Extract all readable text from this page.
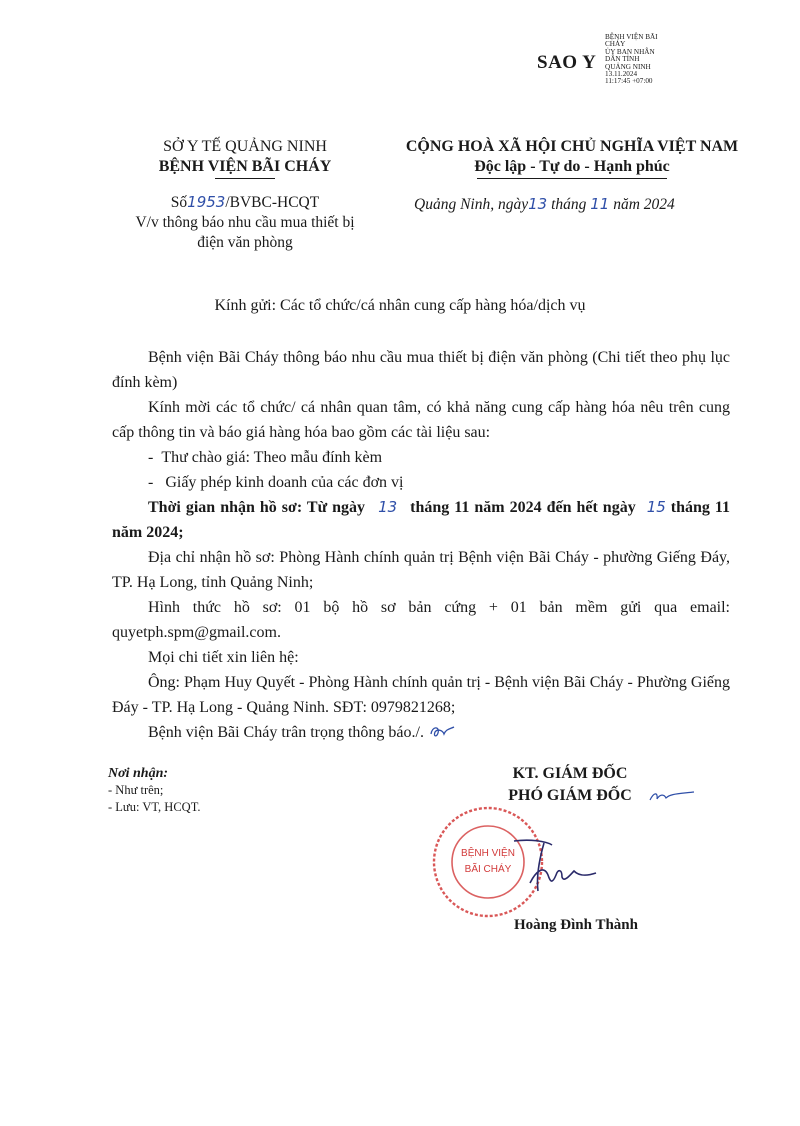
SAO Y
BỆNH VIỆN BÃI
CHÁY
ỦY BAN NHÂN
DÂN TỈNH
QUẢNG NINH
13.11.2024
11:17:45 +07:00
SỞ Y TẾ QUẢNG NINH
BỆNH VIỆN BÃI CHÁY
CỘNG HOÀ XÃ HỘI CHỦ NGHĨA VIỆT NAM
Độc lập - Tự do - Hạnh phúc
Số1953/BVBC-HCQT
V/v thông báo nhu cầu mua thiết bị
điện văn phòng
Quảng Ninh, ngày13 tháng 11 năm 2024
Kính gửi: Các tổ chức/cá nhân cung cấp hàng hóa/dịch vụ
Bệnh viện Bãi Cháy thông báo nhu cầu mua thiết bị điện văn phòng (Chi tiết theo phụ lục đính kèm)
Kính mời các tổ chức/ cá nhân quan tâm, có khả năng cung cấp hàng hóa nêu trên cung cấp thông tin và báo giá hàng hóa bao gồm các tài liệu sau:
- Thư chào giá: Theo mẫu đính kèm
- Giấy phép kinh doanh của các đơn vị
Thời gian nhận hồ sơ: Từ ngày 13 tháng 11 năm 2024 đến hết ngày 15 tháng 11 năm 2024;
Địa chỉ nhận hồ sơ: Phòng Hành chính quản trị Bệnh viện Bãi Cháy - phường Giếng Đáy, TP. Hạ Long, tỉnh Quảng Ninh;
Hình thức hồ sơ: 01 bộ hồ sơ bản cứng + 01 bản mềm gửi qua email: quyetph.spm@gmail.com.
Mọi chi tiết xin liên hệ:
Ông: Phạm Huy Quyết - Phòng Hành chính quản trị - Bệnh viện Bãi Cháy - Phường Giếng Đáy - TP. Hạ Long - Quảng Ninh. SĐT: 0979821268;
Bệnh viện Bãi Cháy trân trọng thông báo./.
Nơi nhận:
- Như trên;
- Lưu: VT, HCQT.
KT. GIÁM ĐỐC
PHÓ GIÁM ĐỐC
BỆNH VIỆN
BÃI CHÁY
Hoàng Đình Thành
